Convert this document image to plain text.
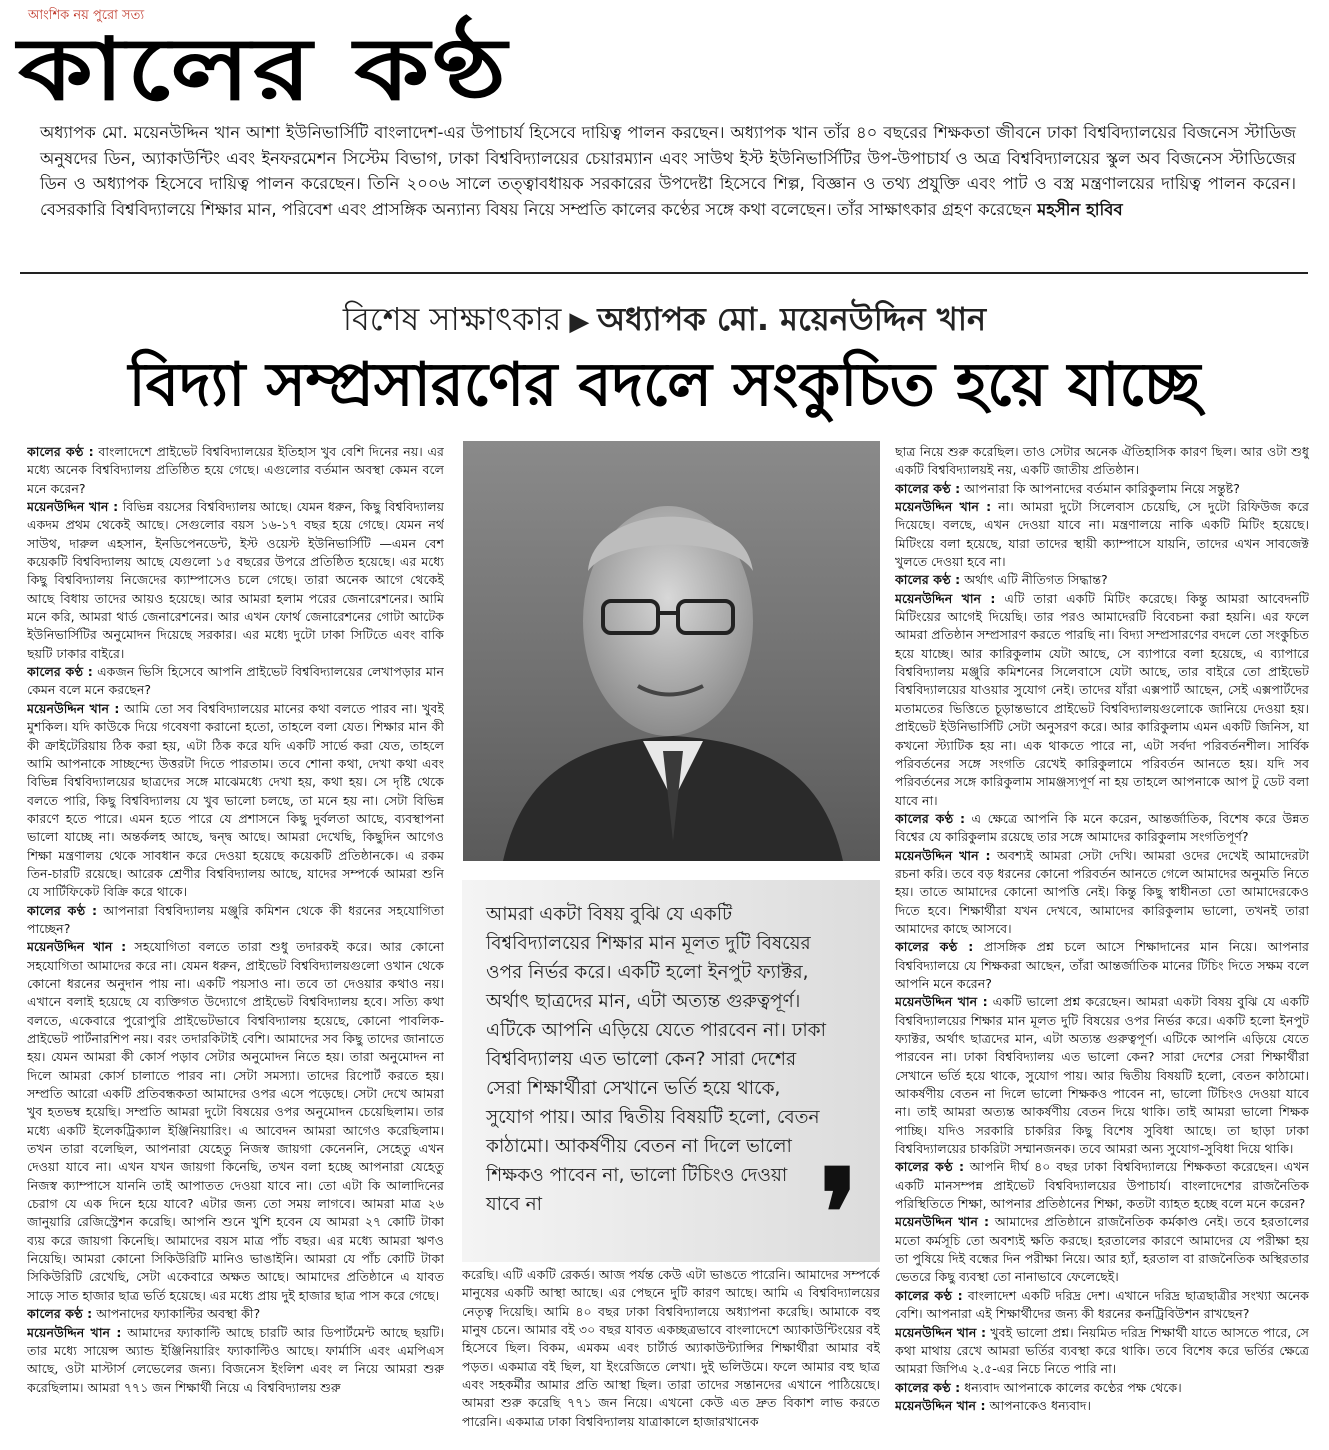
আংশিক নয় পুরো সত্য
কালের কণ্ঠ
অধ্যাপক মো. ময়েনউদ্দিন খান আশা ইউনিভার্সিটি বাংলাদেশ-এর উপাচার্য হিসেবে দায়িত্ব পালন করছেন। অধ্যাপক খান তাঁর ৪০ বছরের শিক্ষকতা জীবনে ঢাকা বিশ্ববিদ্যালয়ের বিজনেস স্টাডিজ অনুষদের ডিন, অ্যাকাউন্টিং এবং ইনফরমেশন সিস্টেম বিভাগ, ঢাকা বিশ্ববিদ্যালয়ের চেয়ারম্যান এবং সাউথ ইস্ট ইউনিভার্সিটির উপ-উপাচার্য ও অত্র বিশ্ববিদ্যালয়ের স্কুল অব বিজনেস স্টাডিজের ডিন ও অধ্যাপক হিসেবে দায়িত্ব পালন করেছেন। তিনি ২০০৬ সালে তত্ত্বাবধায়ক সরকারের উপদেষ্টা হিসেবে শিল্প, বিজ্ঞান ও তথ্য প্রযুক্তি এবং পাট ও বস্ত্র মন্ত্রণালয়ের দায়িত্ব পালন করেন। বেসরকারি বিশ্ববিদ্যালয়ে শিক্ষার মান, পরিবেশ এবং প্রাসঙ্গিক অন্যান্য বিষয় নিয়ে সম্প্রতি কালের কণ্ঠের সঙ্গে কথা বলেছেন। তাঁর সাক্ষাৎকার গ্রহণ করেছেন মহসীন হাবিব
বিশেষ সাক্ষাৎকার ▶ অধ্যাপক মো. ময়েনউদ্দিন খান
বিদ্যা সম্প্রসারণের বদলে সংকুচিত হয়ে যাচ্ছে

কালের কণ্ঠ : বাংলাদেশে প্রাইভেট বিশ্ববিদ্যালয়ের ইতিহাস খুব বেশি দিনের নয়। এর মধ্যে অনেক বিশ্ববিদ্যালয় প্রতিষ্ঠিত হয়ে গেছে। এগুলোর বর্তমান অবস্থা কেমন বলে মনে করেন?

ময়েনউদ্দিন খান : বিভিন্ন বয়সের বিশ্ববিদ্যালয় আছে। যেমন ধরুন, কিছু বিশ্ববিদ্যালয় একদম প্রথম থেকেই আছে। সেগুলোর বয়স ১৬-১৭ বছর হয়ে গেছে। যেমন নর্থ সাউথ, দারুল এহসান, ইনডিপেনডেন্ট, ইস্ট ওয়েস্ট ইউনিভার্সিটি —এমন বেশ কয়েকটি বিশ্ববিদ্যালয় আছে যেগুলো ১৫ বছরের উপরে প্রতিষ্ঠিত হয়েছে। এর মধ্যে কিছু বিশ্ববিদ্যালয় নিজেদের ক্যাম্পাসেও চলে গেছে। তারা অনেক আগে থেকেই আছে বিধায় তাদের আয়ও হয়েছে। আর আমরা হলাম পরের জেনারেশনের। আমি মনে করি, আমরা থার্ড জেনারেশনের। আর এখন ফোর্থ জেনারেশনের গোটা আটেক ইউনিভার্সিটির অনুমোদন দিয়েছে সরকার। এর মধ্যে দুটো ঢাকা সিটিতে এবং বাকি ছয়টি ঢাকার বাইরে।

কালের কণ্ঠ : একজন ভিসি হিসেবে আপনি প্রাইভেট বিশ্ববিদ্যালয়ের লেখাপড়ার মান কেমন বলে মনে করছেন?

ময়েনউদ্দিন খান : আমি তো সব বিশ্ববিদ্যালয়ের মানের কথা বলতে পারব না। খুবই মুশকিল। যদি কাউকে দিয়ে গবেষণা করানো হতো, তাহলে বলা যেত। শিক্ষার মান কী কী ক্রাইটেরিয়ায় ঠিক করা হয়, এটা ঠিক করে যদি একটি সার্ভে করা যেত, তাহলে আমি আপনাকে সাচ্ছন্দ্যে উত্তরটা দিতে পারতাম। তবে শোনা কথা, দেখা কথা এবং বিভিন্ন বিশ্ববিদ্যালয়ের ছাত্রদের সঙ্গে মাঝেমধ্যে দেখা হয়, কথা হয়। সে দৃষ্টি থেকে বলতে পারি, কিছু বিশ্ববিদ্যালয় যে খুব ভালো চলছে, তা মনে হয় না। সেটা বিভিন্ন কারণে হতে পারে। এমন হতে পারে যে প্রশাসনে কিছু দুর্বলতা আছে, ব্যবস্থাপনা ভালো যাচ্ছে না। অন্তর্কলহ আছে, দ্বন্দ্ব আছে। আমরা দেখেছি, কিছুদিন আগেও শিক্ষা মন্ত্রণালয় থেকে সাবধান করে দেওয়া হয়েছে কয়েকটি প্রতিষ্ঠানকে। এ রকম তিন-চারটি রয়েছে। আরেক শ্রেণীর বিশ্ববিদ্যালয় আছে, যাদের সম্পর্কে আমরা শুনি যে সার্টিফিকেট বিক্রি করে থাকে।

কালের কণ্ঠ : আপনারা বিশ্ববিদ্যালয় মঞ্জুরি কমিশন থেকে কী ধরনের সহযোগিতা পাচ্ছেন?

ময়েনউদ্দিন খান : সহযোগিতা বলতে তারা শুধু তদারকই করে। আর কোনো সহযোগিতা আমাদের করে না। যেমন ধরুন, প্রাইভেট বিশ্ববিদ্যালয়গুলো ওখান থেকে কোনো ধরনের অনুদান পায় না। একটি পয়সাও না। তবে তা দেওয়ার কথাও নয়। এখানে বলাই হয়েছে যে ব্যক্তিগত উদ্যোগে প্রাইভেট বিশ্ববিদ্যালয় হবে। সত্যি কথা বলতে, একেবারে পুরোপুরি প্রাইভেটভাবে বিশ্ববিদ্যালয় হয়েছে, কোনো পাবলিক-প্রাইভেট পার্টনারশিপ নয়। বরং তদারকিটাই বেশি। আমাদের সব কিছু তাদের জানাতে হয়। যেমন আমরা কী কোর্স পড়াব সেটার অনুমোদন নিতে হয়। তারা অনুমোদন না দিলে আমরা কোর্স চালাতে পারব না। সেটা সমস্যা। তাদের রিপোর্ট করতে হয়। সম্প্রতি আরো একটি প্রতিবন্ধকতা আমাদের ওপর এসে পড়েছে। সেটা দেখে আমরা খুব হতভম্ব হয়েছি। সম্প্রতি আমরা দুটো বিষয়ের ওপর অনুমোদন চেয়েছিলাম। তার মধ্যে একটি ইলেকট্রিক্যাল ইঞ্জিনিয়ারিং। এ আবেদন আমরা আগেও করেছিলাম। তখন তারা বলেছিল, আপনারা যেহেতু নিজস্ব জায়গা কেনেননি, সেহেতু এখন দেওয়া যাবে না। এখন যখন জায়গা কিনেছি, তখন বলা হচ্ছে আপনারা যেহেতু নিজস্ব ক্যাম্পাসে যাননি তাই আপাতত দেওয়া যাবে না। তো এটা কি আলাদিনের চেরাগ যে এক দিনে হয়ে যাবে? এটার জন্য তো সময় লাগবে। আমরা মাত্র ২৬ জানুয়ারি রেজিস্ট্রেশন করেছি। আপনি শুনে খুশি হবেন যে আমরা ২৭ কোটি টাকা ব্যয় করে জায়গা কিনেছি। আমাদের বয়স মাত্র পাঁচ বছর। এর মধ্যে আমরা ঋণও নিয়েছি। আমরা কোনো সিকিউরিটি মানিও ভাঙাইনি। আমরা যে পাঁচ কোটি টাকা সিকিউরিটি রেখেছি, সেটা একেবারে অক্ষত আছে। আমাদের প্রতিষ্ঠানে এ যাবত সাড়ে সাত হাজার ছাত্র ভর্তি হয়েছে। এর মধ্যে প্রায় দুই হাজার ছাত্র পাস করে গেছে।

কালের কণ্ঠ : আপনাদের ফ্যাকাল্টির অবস্থা কী?

ময়েনউদ্দিন খান : আমাদের ফ্যাকাল্টি আছে চারটি আর ডিপার্টমেন্ট আছে ছয়টি। তার মধ্যে সায়েন্স অ্যান্ড ইঞ্জিনিয়ারিং ফ্যাকাল্টিও আছে। ফার্মাসি এবং এমপিএস আছে, ওটা মাস্টার্স লেভেলের জন্য। বিজনেস ইংলিশ এবং ল নিয়ে আমরা শুরু করেছিলাম। আমরা ৭৭১ জন শিক্ষার্থী নিয়ে এ বিশ্ববিদ্যালয় শুরু

আমরা একটা বিষয় বুঝি যে একটি বিশ্ববিদ্যালয়ের শিক্ষার মান মূলত দুটি বিষয়ের ওপর নির্ভর করে। একটি হলো ইনপুট ফ্যাক্টর, অর্থাৎ ছাত্রদের মান, এটা অত্যন্ত গুরুত্বপূর্ণ। এটিকে আপনি এড়িয়ে যেতে পারবেন না। ঢাকা বিশ্ববিদ্যালয় এত ভালো কেন? সারা দেশের সেরা শিক্ষার্থীরা সেখানে ভর্তি হয়ে থাকে, সুযোগ পায়। আর দ্বিতীয় বিষয়টি হলো, বেতন কাঠামো। আকর্ষণীয় বেতন না দিলে ভালো শিক্ষকও পাবেন না, ভালো টিচিংও দেওয়া যাবে না	❜

করেছি। এটি একটি রেকর্ড। আজ পর্যন্ত কেউ এটা ভাঙতে পারেনি। আমাদের সম্পর্কে মানুষের একটি আস্থা আছে। এর পেছনে দুটি কারণ আছে। আমি এ বিশ্ববিদ্যালয়ের নেতৃত্ব দিয়েছি। আমি ৪০ বছর ঢাকা বিশ্ববিদ্যালয়ে অধ্যাপনা করেছি। আমাকে বহু মানুষ চেনে। আমার বই ৩০ বছর যাবত একচ্ছত্রভাবে বাংলাদেশে অ্যাকাউন্টিংয়ের বই হিসেবে ছিল। বিকম, এমকম এবং চার্টার্ড অ্যাকাউন্ট্যান্সির শিক্ষার্থীরা আমার বই পড়ত। একমাত্র বই ছিল, যা ইংরেজিতে লেখা। দুই ভলিউমে। ফলে আমার বহু ছাত্র এবং সহকর্মীর আমার প্রতি আস্থা ছিল। তারা তাদের সন্তানদের এখানে পাঠিয়েছে। আমরা শুরু করেছি ৭৭১ জন নিয়ে। এখনো কেউ এত দ্রুত বিকাশ লাভ করতে পারেনি। একমাত্র ঢাকা বিশ্ববিদ্যালয় যাত্রাকালে হাজারখানেক

ছাত্র নিয়ে শুরু করেছিল। তাও সেটার অনেক ঐতিহাসিক কারণ ছিল। আর ওটা শুধু একটি বিশ্ববিদ্যালয়ই নয়, একটি জাতীয় প্রতিষ্ঠান।

কালের কণ্ঠ : আপনারা কি আপনাদের বর্তমান কারিকুলাম নিয়ে সন্তুষ্ট?

ময়েনউদ্দিন খান : না। আমরা দুটো সিলেবাস চেয়েছি, সে দুটো রিফিউজ করে দিয়েছে। বলছে, এখন দেওয়া যাবে না। মন্ত্রণালয়ে নাকি একটি মিটিং হয়েছে। মিটিংয়ে বলা হয়েছে, যারা তাদের স্থায়ী ক্যাম্পাসে যায়নি, তাদের এখন সাবজেক্ট খুলতে দেওয়া হবে না।

কালের কণ্ঠ : অর্থাৎ এটি নীতিগত সিদ্ধান্ত?

ময়েনউদ্দিন খান : এটি তারা একটি মিটিং করেছে। কিন্তু আমরা আবেদনটি মিটিংয়ের আগেই দিয়েছি। তার পরও আমাদেরটি বিবেচনা করা হয়নি। এর ফলে আমরা প্রতিষ্ঠান সম্প্রসারণ করতে পারছি না। বিদ্যা সম্প্রসারণের বদলে তো সংকুচিত হয়ে যাচ্ছে। আর কারিকুলাম যেটা আছে, সে ব্যাপারে বলা হয়েছে, এ ব্যাপারে বিশ্ববিদ্যালয় মঞ্জুরি কমিশনের সিলেবাসে যেটা আছে, তার বাইরে তো প্রাইভেট বিশ্ববিদ্যালয়ের যাওয়ার সুযোগ নেই। তাদের যাঁরা এক্সপার্ট আছেন, সেই এক্সপার্টদের মতামতের ভিত্তিতে চূড়ান্তভাবে প্রাইভেট বিশ্ববিদ্যালয়গুলোকে জানিয়ে দেওয়া হয়। প্রাইভেট ইউনিভার্সিটি সেটা অনুসরণ করে। আর কারিকুলাম এমন একটি জিনিস, যা কখনো স্ট্যাটিক হয় না। এক থাকতে পারে না, এটা সর্বদা পরিবর্তনশীল। সার্বিক পরিবর্তনের সঙ্গে সংগতি রেখেই কারিকুলামে পরিবর্তন আনতে হয়। যদি সব পরিবর্তনের সঙ্গে কারিকুলাম সামঞ্জস্যপূর্ণ না হয় তাহলে আপনাকে আপ টু ডেট বলা যাবে না।

কালের কণ্ঠ : এ ক্ষেত্রে আপনি কি মনে করেন, আন্তর্জাতিক, বিশেষ করে উন্নত বিশ্বের যে কারিকুলাম রয়েছে তার সঙ্গে আমাদের কারিকুলাম সংগতিপূর্ণ?

ময়েনউদ্দিন খান : অবশ্যই আমরা সেটা দেখি। আমরা ওদের দেখেই আমাদেরটা রচনা করি। তবে বড় ধরনের কোনো পরিবর্তন আনতে গেলে আমাদের অনুমতি নিতে হয়। তাতে আমাদের কোনো আপত্তি নেই। কিন্তু কিছু স্বাধীনতা তো আমাদেরকেও দিতে হবে। শিক্ষার্থীরা যখন দেখবে, আমাদের কারিকুলাম ভালো, তখনই তারা আমাদের কাছে আসবে।

কালের কণ্ঠ : প্রাসঙ্গিক প্রশ্ন চলে আসে শিক্ষাদানের মান নিয়ে। আপনার বিশ্ববিদ্যালয়ে যে শিক্ষকরা আছেন, তাঁরা আন্তর্জাতিক মানের টিচিং দিতে সক্ষম বলে আপনি মনে করেন?

ময়েনউদ্দিন খান : একটি ভালো প্রশ্ন করেছেন। আমরা একটা বিষয় বুঝি যে একটি বিশ্ববিদ্যালয়ের শিক্ষার মান মূলত দুটি বিষয়ের ওপর নির্ভর করে। একটি হলো ইনপুট ফ্যাক্টর, অর্থাৎ ছাত্রদের মান, এটা অত্যন্ত গুরুত্বপূর্ণ। এটিকে আপনি এড়িয়ে যেতে পারবেন না। ঢাকা বিশ্ববিদ্যালয় এত ভালো কেন? সারা দেশের সেরা শিক্ষার্থীরা সেখানে ভর্তি হয়ে থাকে, সুযোগ পায়। আর দ্বিতীয় বিষয়টি হলো, বেতন কাঠামো। আকর্ষণীয় বেতন না দিলে ভালো শিক্ষকও পাবেন না, ভালো টিচিংও দেওয়া যাবে না। তাই আমরা অত্যন্ত আকর্ষণীয় বেতন দিয়ে থাকি। তাই আমরা ভালো শিক্ষক পাচ্ছি। যদিও সরকারি চাকরির কিছু বিশেষ সুবিধা আছে। তা ছাড়া ঢাকা বিশ্ববিদ্যালয়ের চাকরিটা সম্মানজনক। তবে আমরা অন্য সুযোগ-সুবিধা দিয়ে থাকি।

কালের কণ্ঠ : আপনি দীর্ঘ ৪০ বছর ঢাকা বিশ্ববিদ্যালয়ে শিক্ষকতা করেছেন। এখন একটি মানসম্পন্ন প্রাইভেট বিশ্ববিদ্যালয়ের উপাচার্য। বাংলাদেশের রাজনৈতিক পরিস্থিতিতে শিক্ষা, আপনার প্রতিষ্ঠানের শিক্ষা, কতটা ব্যাহত হচ্ছে বলে মনে করেন?

ময়েনউদ্দিন খান : আমাদের প্রতিষ্ঠানে রাজনৈতিক কর্মকাণ্ড নেই। তবে হরতালের মতো কর্মসূচি তো অবশ্যই ক্ষতি করছে। হরতালের কারণে আমাদের যে পরীক্ষা হয় তা পুষিয়ে দিই বন্ধের দিন পরীক্ষা নিয়ে। আর হ্যাঁ, হরতাল বা রাজনৈতিক অস্থিরতার ভেতরে কিছু ব্যবস্থা তো নানাভাবে ফেলেছেই।

কালের কণ্ঠ : বাংলাদেশ একটি দরিদ্র দেশ। এখানে দরিদ্র ছাত্রছাত্রীর সংখ্যা অনেক বেশি। আপনারা এই শিক্ষার্থীদের জন্য কী ধরনের কনট্রিবিউশন রাখছেন?

ময়েনউদ্দিন খান : খুবই ভালো প্রশ্ন। নিয়মিত দরিদ্র শিক্ষার্থী যাতে আসতে পারে, সে কথা মাথায় রেখে আমরা ভর্তির ব্যবস্থা করে থাকি। তবে বিশেষ করে ভর্তির ক্ষেত্রে আমরা জিপিএ ২.৫-এর নিচে নিতে পারি না।

কালের কণ্ঠ : ধন্যবাদ আপনাকে কালের কণ্ঠের পক্ষ থেকে।

ময়েনউদ্দিন খান : আপনাকেও ধন্যবাদ।
